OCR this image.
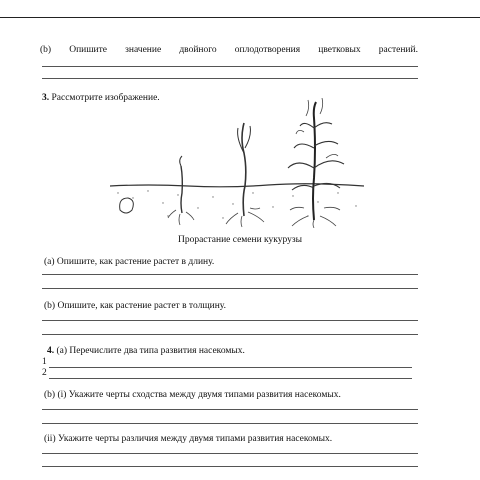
(b) Опишите значение двойного оплодотворения цветковых растений.
3. Рассмотрите изображение.
Прорастание семени кукурузы
(a) Опишите, как растение растет в длину.
(b) Опишите, как растение растет в толщину.
4. (a) Перечислите два типа развития насекомых.
1
2
(b) (i) Укажите черты сходства между двумя типами развития насекомых.
(ii) Укажите черты различия между двумя типами развития насекомых.
